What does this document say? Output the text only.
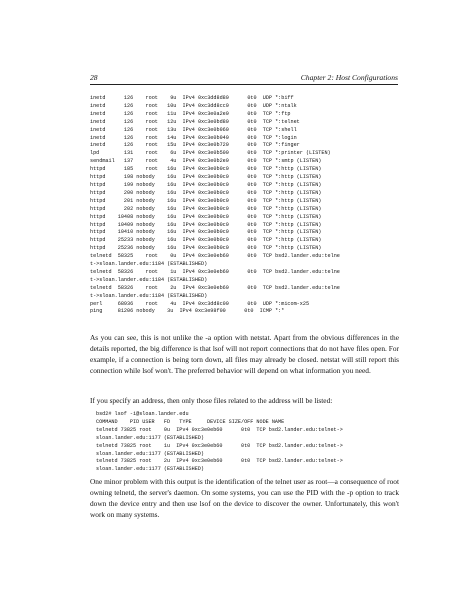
28	Chapter 2: Host Configurations
inetd      126    root    9u  IPv4 0xc3dd8d80      0t0  UDP *:biff
inetd      126    root   10u  IPv4 0xc3dd8cc0      0t0  UDP *:ntalk
inetd      126    root   11u  IPv4 0xc3e0a2e0      0t0  TCP *:ftp
inetd      126    root   12u  IPv4 0xc3e0bd80      0t0  TCP *:telnet
inetd      126    root   13u  IPv4 0xc3e0b960      0t0  TCP *:shell
inetd      126    root   14u  IPv4 0xc3e0b940      0t0  TCP *:login
inetd      126    root   15u  IPv4 0xc3e0b720      0t0  TCP *:finger
lpd        131    root    6u  IPv4 0xc3e0b500      0t0  TCP *:printer (LISTEN)
sendmail   137    root    4u  IPv4 0xc3e0b2e0      0t0  TCP *:smtp (LISTEN)
httpd      185    root   16u  IPv4 0xc3e0b0c0      0t0  TCP *:http (LISTEN)
httpd      198 nobody    16u  IPv4 0xc3e0b0c0      0t0  TCP *:http (LISTEN)
httpd      199 nobody    16u  IPv4 0xc3e0b0c0      0t0  TCP *:http (LISTEN)
httpd      200 nobody    16u  IPv4 0xc3e0b0c0      0t0  TCP *:http (LISTEN)
httpd      201 nobody    16u  IPv4 0xc3e0b0c0      0t0  TCP *:http (LISTEN)
httpd      202 nobody    16u  IPv4 0xc3e0b0c0      0t0  TCP *:http (LISTEN)
httpd    10408 nobody    16u  IPv4 0xc3e0b0c0      0t0  TCP *:http (LISTEN)
httpd    10409 nobody    16u  IPv4 0xc3e0b0c0      0t0  TCP *:http (LISTEN)
httpd    10410 nobody    16u  IPv4 0xc3e0b0c0      0t0  TCP *:http (LISTEN)
httpd    25233 nobody    16u  IPv4 0xc3e0b0c0      0t0  TCP *:http (LISTEN)
httpd    25236 nobody    16u  IPv4 0xc3e0b0c0      0t0  TCP *:http (LISTEN)
telnetd  58325    root    0u  IPv4 0xc3e0eb60      0t0  TCP bsd2.lander.edu:telne
t->sloan.lander.edu:1184 (ESTABLISHED)
telnetd  58326    root    1u  IPv4 0xc3e0eb60      0t0  TCP bsd2.lander.edu:telne
t->sloan.lander.edu:1184 (ESTABLISHED)
telnetd  58326    root    2u  IPv4 0xc3e0eb60      0t0  TCP bsd2.lander.edu:telne
t->sloan.lander.edu:1184 (ESTABLISHED)
perl     68936    root    4u  IPv4 0xc3dd8c00      0t0  UDP *:micom-x25
ping     81206 nobody    3u  IPv4 0xc3e98f00      0t0  ICMP *:*

As you can see, this is not unlike the -a option with netstat. Apart from the obvious differences in the details reported, the big difference is that lsof will not report connections that do not have files open. For example, if a connection is being torn down, all files may already be closed. netstat will still report this connection while lsof won't. The preferred behavior will depend on what information you need.

If you specify an address, then only those files related to the address will be listed:

bsd2# lsof -i@sloan.lander.edu
COMMAND    PID USER   FD   TYPE     DEVICE SIZE/OFF NODE NAME
telnetd 73825 root    0u  IPv4 0xc3e0eb60      0t0  TCP bsd2.lander.edu:telnet->
sloan.lander.edu:1177 (ESTABLISHED)
telnetd 73825 root    1u  IPv4 0xc3e0eb60      0t0  TCP bsd2.lander.edu:telnet->
sloan.lander.edu:1177 (ESTABLISHED)
telnetd 73825 root    2u  IPv4 0xc3e0eb60      0t0  TCP bsd2.lander.edu:telnet->
sloan.lander.edu:1177 (ESTABLISHED)

One minor problem with this output is the identification of the telnet user as root—a consequence of root owning telnetd, the server's daemon. On some systems, you can use the PID with the -p option to track down the device entry and then use lsof on the device to discover the owner. Unfortunately, this won't work on many systems.
